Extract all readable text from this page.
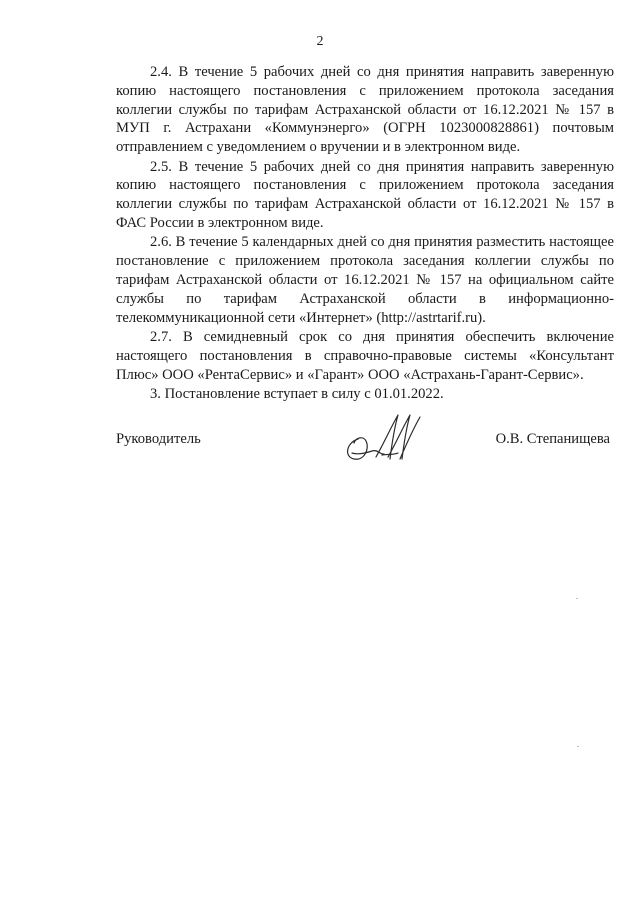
2

2.4. В течение 5 рабочих дней со дня принятия направить заверенную копию настоящего постановления с приложением протокола заседания коллегии службы по тарифам Астраханской области от 16.12.2021 № 157 в МУП г. Астрахани «Коммунэнерго» (ОГРН 1023000828861) почтовым отправлением с уведомлением о вручении и в электронном виде.

2.5. В течение 5 рабочих дней со дня принятия направить заверенную копию настоящего постановления с приложением протокола заседания коллегии службы по тарифам Астраханской области от 16.12.2021 № 157 в ФАС России в электронном виде.

2.6. В течение 5 календарных дней со дня принятия разместить настоящее постановление с приложением протокола заседания коллегии службы по тарифам Астраханской области от 16.12.2021 № 157 на официальном сайте службы по тарифам Астраханской области в информационно-телекоммуникационной сети «Интернет» (http://astrtarif.ru).

2.7. В семидневный срок со дня принятия обеспечить включение настоящего постановления в справочно-правовые системы «Консультант Плюс» ООО «РентаСервис» и «Гарант» ООО «Астрахань-Гарант-Сервис».

3. Постановление вступает в силу с 01.01.2022.

Руководитель	О.В. Степанищева
